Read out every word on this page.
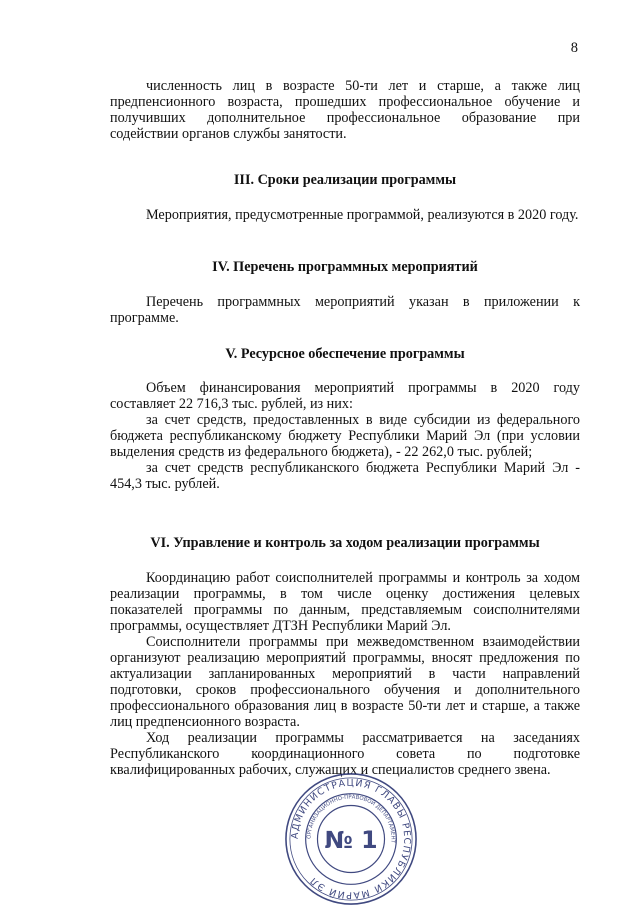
8

численность лиц в возрасте 50-ти лет и старше, а также лиц предпенсионного возраста, прошедших профессиональное обучение и получивших дополнительное профессиональное образование при содействии органов службы занятости.

III. Сроки реализации программы

Мероприятия, предусмотренные программой, реализуются в 2020 году.

IV. Перечень программных мероприятий

Перечень программных мероприятий указан в приложении к программе.

V. Ресурсное обеспечение программы

Объем финансирования мероприятий программы в 2020 году составляет 22 716,3 тыс. рублей, из них:

за счет средств, предоставленных в виде субсидии из федерального бюджета республиканскому бюджету Республики Марий Эл (при условии выделения средств из федерального бюджета), - 22 262,0 тыс. рублей;

за счет средств республиканского бюджета Республики Марий Эл - 454,3 тыс. рублей.

VI. Управление и контроль за ходом реализации программы

Координацию работ соисполнителей программы и контроль за ходом реализации программы, в том числе оценку достижения целевых показателей программы по данным, представляемым соисполнителями программы, осуществляет ДТЗН Республики Марий Эл.

Соисполнители программы при межведомственном взаимодействии организуют реализацию мероприятий программы, вносят предложения по актуализации запланированных мероприятий в части направлений подготовки, сроков профессионального обучения и дополнительного профессионального образования лиц в возрасте 50-ти лет и старше, а также лиц предпенсионного возраста.

Ход реализации программы рассматривается на заседаниях Республиканского координационного совета по подготовке квалифицированных рабочих, служащих и специалистов среднего звена.

АДМИНИСТРАЦИЯ ГЛАВЫ РЕСПУБЛИКИ МАРИЙ ЭЛ
ОРГАНИЗАЦИОННО-ПРАВОВОЙ ДЕПАРТАМЕНТ
№ 1
